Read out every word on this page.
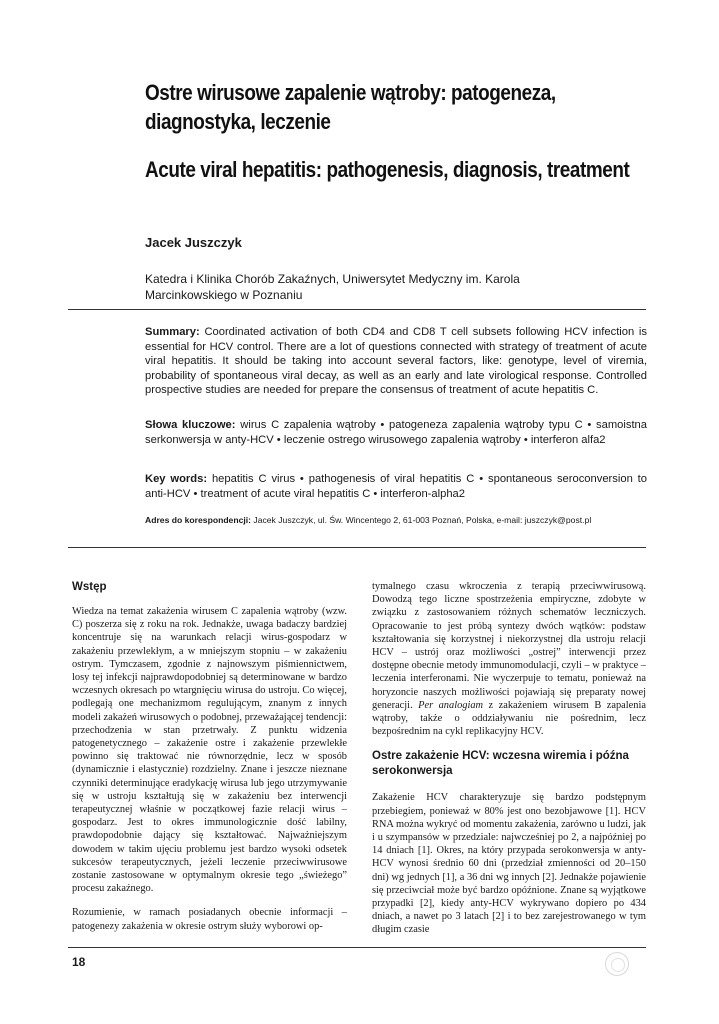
Ostre wirusowe zapalenie wątroby: patogeneza, diagnostyka, leczenie
Acute viral hepatitis: pathogenesis, diagnosis, treatment
Jacek Juszczyk
Katedra i Klinika Chorób Zakaźnych, Uniwersytet Medyczny im. Karola Marcinkowskiego w Poznaniu
Summary: Coordinated activation of both CD4 and CD8 T cell subsets following HCV infection is essential for HCV control. There are a lot of questions connected with strategy of treatment of acute viral hepatitis. It should be taking into account several factors, like: genotype, level of viremia, probability of spontaneous viral decay, as well as an early and late virological response. Controlled prospective studies are needed for prepare the consensus of treatment of acute hepatitis C.
Słowa kluczowe: wirus C zapalenia wątroby • patogeneza zapalenia wątroby typu C • samoistna serkonwersja w anty-HCV • leczenie ostrego wirusowego zapalenia wątroby • interferon alfa2
Key words: hepatitis C virus • pathogenesis of viral hepatitis C • spontaneous seroconversion to anti-HCV • treatment of acute viral hepatitis C • interferon-alpha2
Adres do korespondencji: Jacek Juszczyk, ul. Św. Wincentego 2, 61-003 Poznań, Polska, e-mail: juszczyk@post.pl
Wstęp

Wiedza na temat zakażenia wirusem C zapalenia wątroby (wzw. C) poszerza się z roku na rok. Jednakże, uwaga badaczy bardziej koncentruje się na warunkach relacji wirus-gospodarz w zakażeniu przewlekłym, a w mniejszym stopniu – w zakażeniu ostrym. Tymczasem, zgodnie z najnowszym piśmiennictwem, losy tej infekcji najprawdopodobniej są determinowane w bardzo wczesnych okresach po wtargnięciu wirusa do ustroju. Co więcej, podlegają one mechanizmom regulującym, znanym z innych modeli zakażeń wirusowych o podobnej, przeważającej tendencji: przechodzenia w stan przetrwały. Z punktu widzenia patogenetycznego – zakażenie ostre i zakażenie przewlekłe powinno się traktować nie równorzędnie, lecz w sposób (dynamicznie i elastycznie) rozdzielny. Znane i jeszcze nieznane czynniki determinujące eradykację wirusa lub jego utrzymywanie się w ustroju kształtują się w zakażeniu bez interwencji terapeutycznej właśnie w początkowej fazie relacji wirus – gospodarz. Jest to okres immunologicznie dość labilny, prawdopodobnie dający się kształtować. Najważniejszym dowodem w takim ujęciu problemu jest bardzo wysoki odsetek sukcesów terapeutycznych, jeżeli leczenie przeciwwirusowe zostanie zastosowane w optymalnym okresie tego „świeżego” procesu zakaźnego.

Rozumienie, w ramach posiadanych obecnie informacji – patogenezy zakażenia w okresie ostrym służy wyborowi op-

tymalnego czasu wkroczenia z terapią przeciwwirusową. Dowodzą tego liczne spostrzeżenia empiryczne, zdobyte w związku z zastosowaniem różnych schematów leczniczych. Opracowanie to jest próbą syntezy dwóch wątków: podstaw kształtowania się korzystnej i niekorzystnej dla ustroju relacji HCV – ustrój oraz możliwości „ostrej” interwencji przez dostępne obecnie metody immunomodulacji, czyli – w praktyce – leczenia interferonami. Nie wyczerpuje to tematu, ponieważ na horyzoncie naszych możliwości pojawiają się preparaty nowej generacji. Per analogiam z zakażeniem wirusem B zapalenia wątroby, także o oddziaływaniu nie pośrednim, lecz bezpośrednim na cykl replikacyjny HCV.

Ostre zakażenie HCV: wczesna wiremia i późna serokonwersja

Zakażenie HCV charakteryzuje się bardzo podstępnym przebiegiem, ponieważ w 80% jest ono bezobjawowe [1]. HCV RNA można wykryć od momentu zakażenia, zarówno u ludzi, jak i u szympansów w przedziale: najwcześniej po 2, a najpóźniej po 14 dniach [1]. Okres, na który przypada serokonwersja w anty-HCV wynosi średnio 60 dni (przedział zmienności od 20–150 dni) wg jednych [1], a 36 dni wg innych [2]. Jednakże pojawienie się przeciwciał może być bardzo opóźnione. Znane są wyjątkowe przypadki [2], kiedy anty-HCV wykrywano dopiero po 434 dniach, a nawet po 3 latach [2] i to bez zarejestrowanego w tym długim czasie

18
